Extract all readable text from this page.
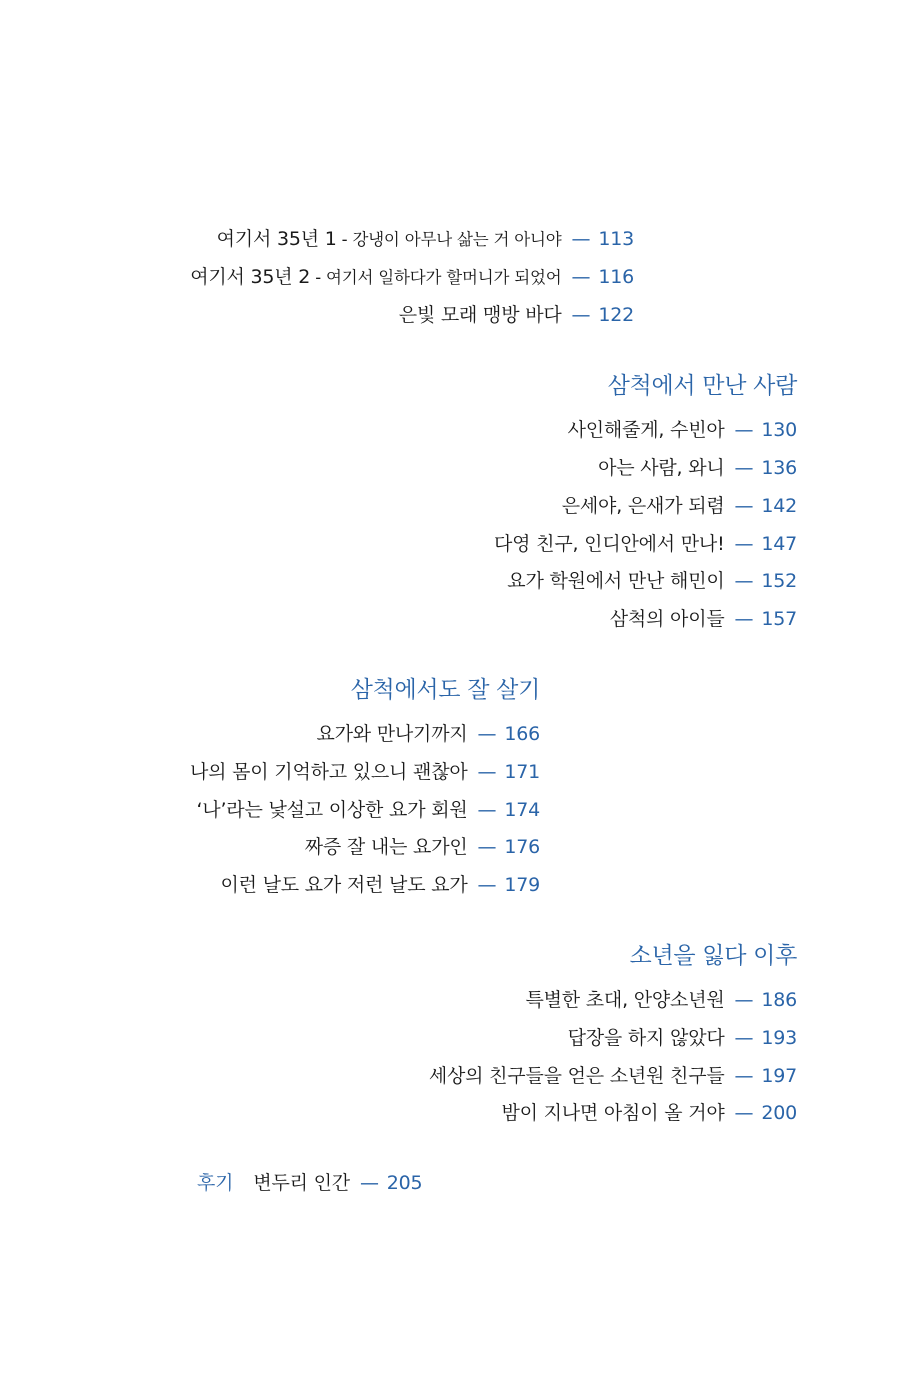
여기서 35년 1 - 강냉이 아무나 삶는 거 아니야 — 113
여기서 35년 2 - 여기서 일하다가 할머니가 되었어 — 116
은빛 모래 맹방 바다 — 122
삼척에서 만난 사람
사인해줄게, 수빈아 — 130
아는 사람, 와니 — 136
은세야, 은새가 되렴 — 142
다영 친구, 인디안에서 만나! — 147
요가 학원에서 만난 해민이 — 152
삼척의 아이들 — 157
삼척에서도 잘 살기
요가와 만나기까지 — 166
나의 몸이 기억하고 있으니 괜찮아 — 171
‘나’라는 낯설고 이상한 요가 회원 — 174
짜증 잘 내는 요가인 — 176
이런 날도 요가 저런 날도 요가 — 179
소년을 잃다 이후
특별한 초대, 안양소년원 — 186
답장을 하지 않았다 — 193
세상의 친구들을 얻은 소년원 친구들 — 197
밤이 지나면 아침이 올 거야 — 200
후기 변두리 인간 — 205
